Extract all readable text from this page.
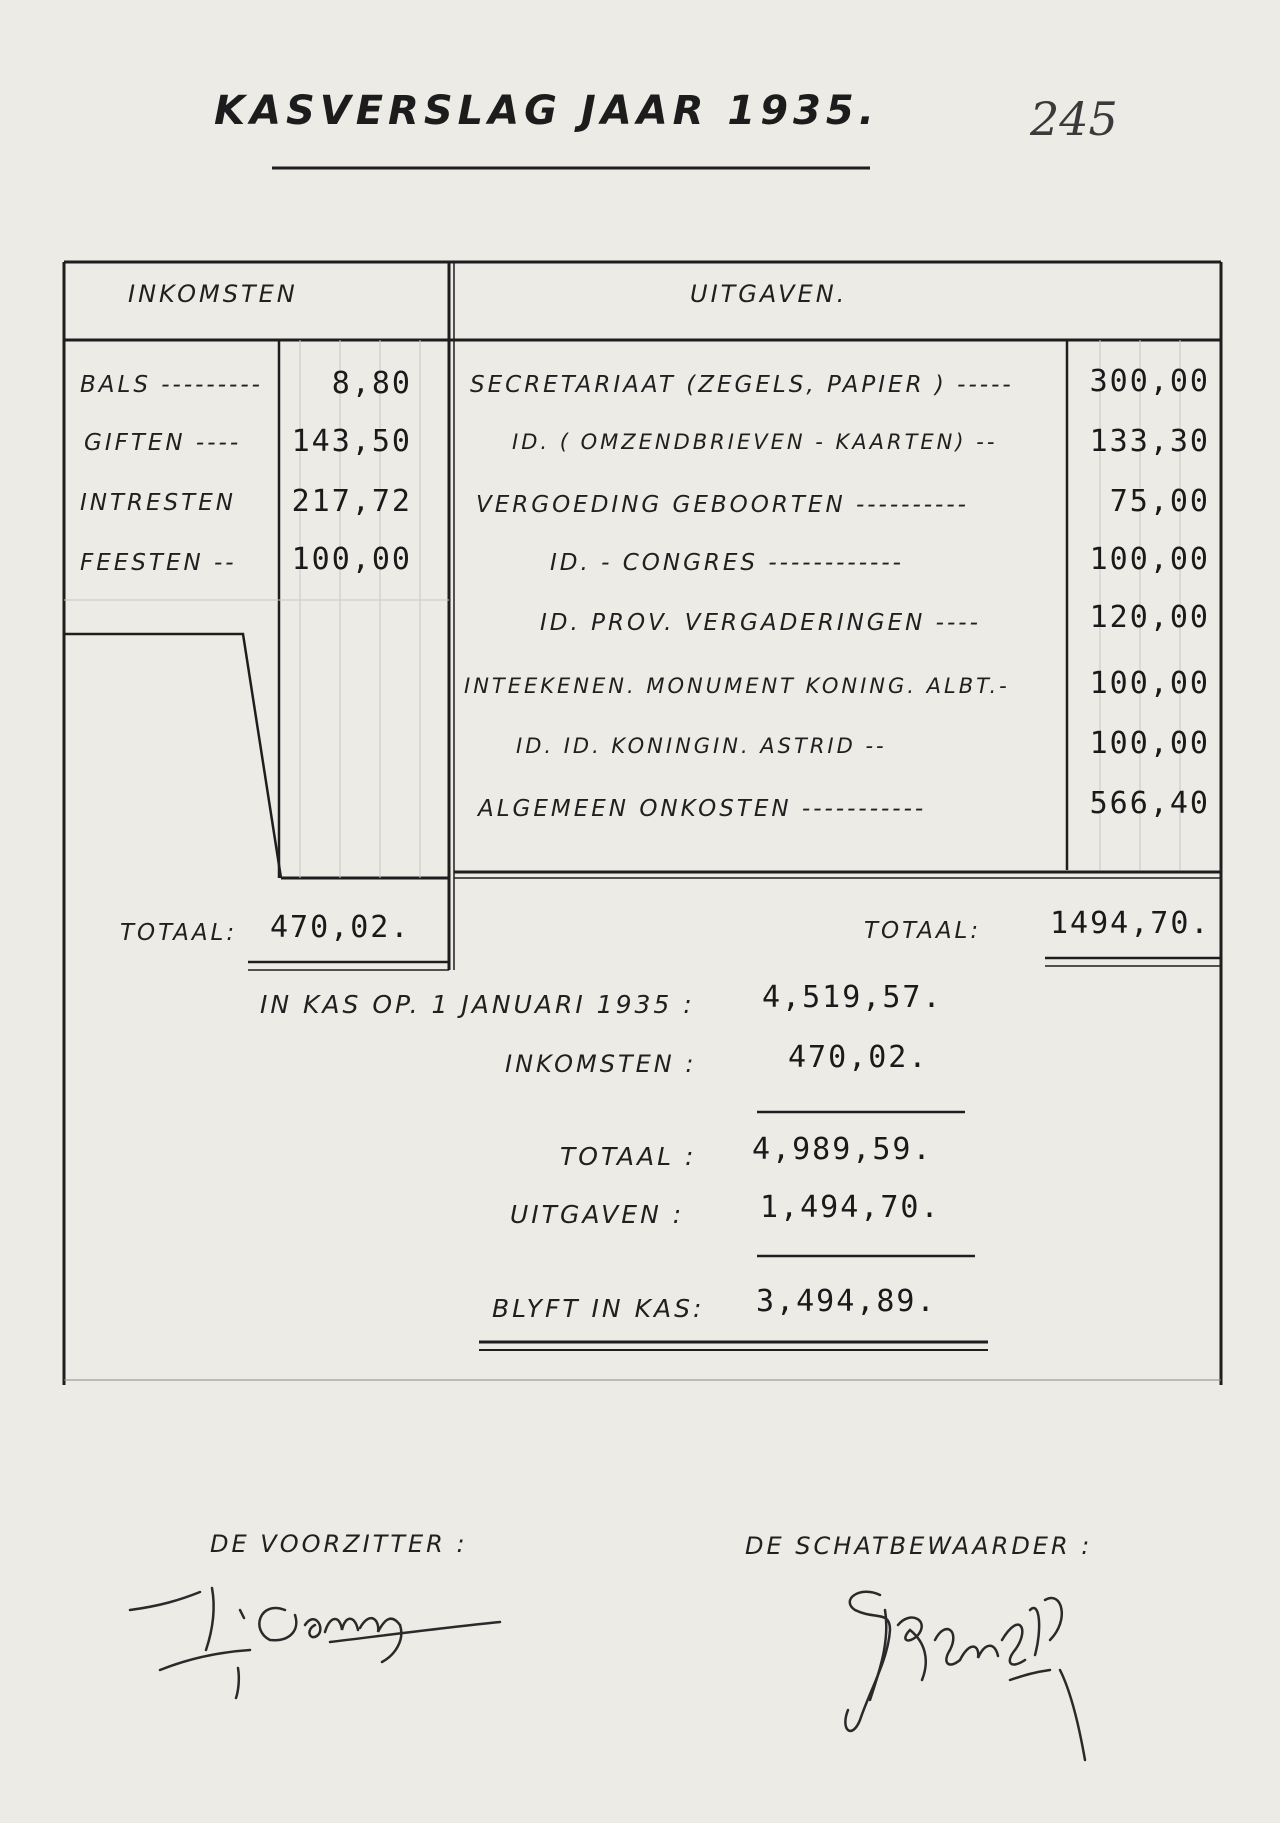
KASVERSLAG JAAR 1935.	245
INKOMSTEN	UITGAVEN.
BALS ---------	8,80
GIFTEN ----	143,50
INTRESTEN	217,72
FEESTEN --	100,00
SECRETARIAAT (ZEGELS, PAPIER ) -----	300,00
ID. ( OMZENDBRIEVEN - KAARTEN) --	133,30
VERGOEDING GEBOORTEN ----------	75,00
ID. - CONGRES ------------	100,00
ID. PROV. VERGADERINGEN ----	120,00
INTEEKENEN. MONUMENT KONING. ALBT.-	100,00
ID. ID. KONINGIN. ASTRID --	100,00
ALGEMEEN ONKOSTEN -----------	566,40
TOTAAL: 470,02.	TOTAAL: 1494,70.
IN KAS OP. 1 JANUARI 1935 : 4,519,57.
INKOMSTEN :	470,02.
TOTAAL : 4,989,59.
UITGAVEN :	1,494,70.
BLYFT IN KAS: 3,494,89.
DE VOORZITTER :	DE SCHATBEWAARDER :
